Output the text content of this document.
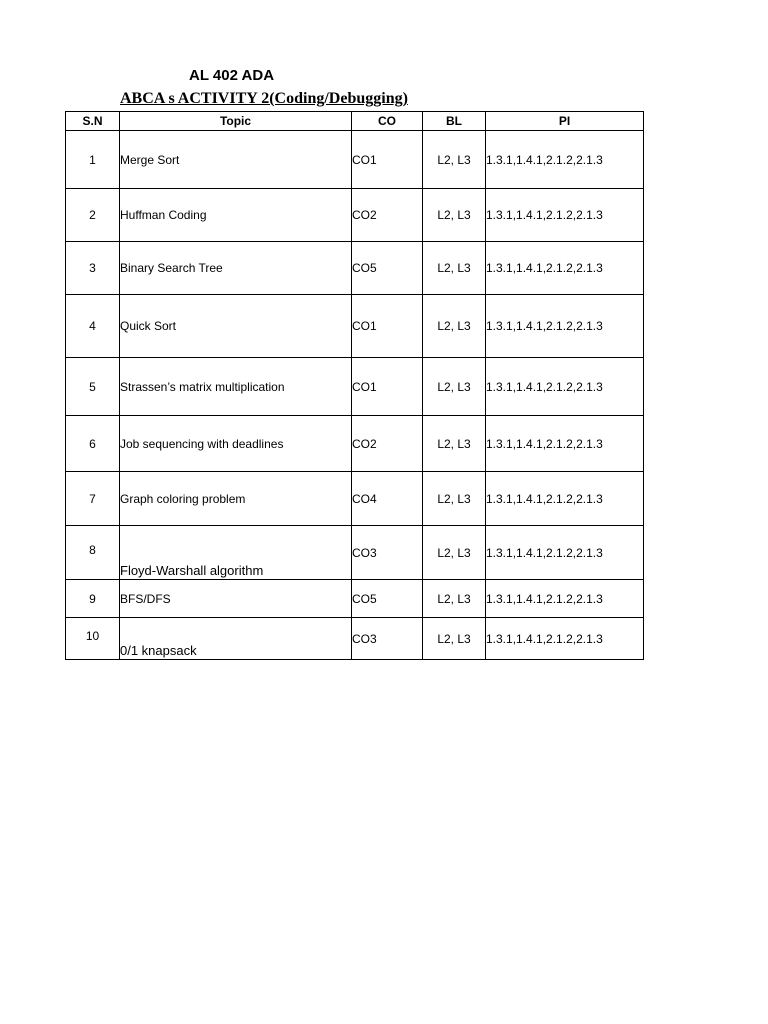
AL 402 ADA
ABCA s ACTIVITY 2(Coding/Debugging)
S.N	Topic	CO	BL	PI
1	Merge Sort	CO1	L2, L3	1.3.1,1.4.1,2.1.2,2.1.3
2	Huffman Coding	CO2	L2, L3	1.3.1,1.4.1,2.1.2,2.1.3
3	Binary Search Tree	CO5	L2, L3	1.3.1,1.4.1,2.1.2,2.1.3
4	Quick Sort	CO1	L2, L3	1.3.1,1.4.1,2.1.2,2.1.3
5	Strassen’s matrix multiplication	CO1	L2, L3	1.3.1,1.4.1,2.1.2,2.1.3
6	Job sequencing with deadlines	CO2	L2, L3	1.3.1,1.4.1,2.1.2,2.1.3
7	Graph coloring problem	CO4	L2, L3	1.3.1,1.4.1,2.1.2,2.1.3
8	Floyd-Warshall algorithm	CO3	L2, L3	1.3.1,1.4.1,2.1.2,2.1.3
9	BFS/DFS	CO5	L2, L3	1.3.1,1.4.1,2.1.2,2.1.3
10	0/1 knapsack	CO3	L2, L3	1.3.1,1.4.1,2.1.2,2.1.3
